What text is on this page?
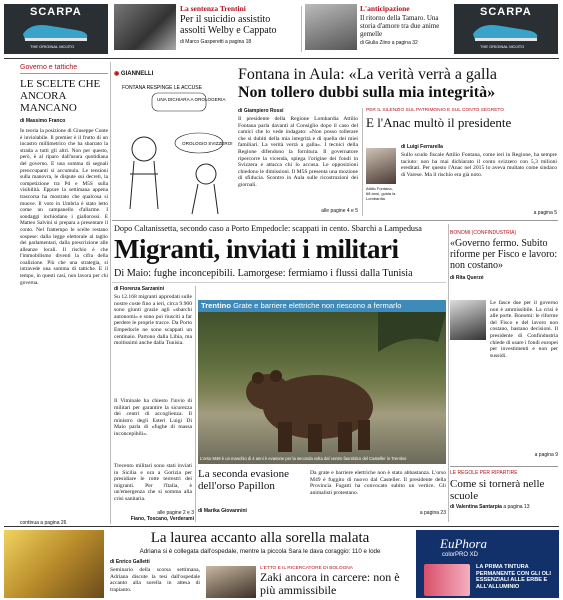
SCARPA
THE ORIGINAL MOJITO
La sentenza Trentini
Per il suicidio assistito assolti Welby e Cappato
di Marco Gasperetti a pagina 18
L'anticipazione
Il ritorno della Tamaro. Una storia d'amore tra due anime gemelle
di Giulia Ziino a pagina 32
SCARPA
THE ORIGINAL MOJITO
Governo e tattiche
LE SCELTE CHE ANCORA MANCANO
di Massimo Franco
In teoria la posizione di Giuseppe Conte è inviolabile. Il premier è il frutto di un incastro millimetrico che ha sbarrato la strada a tutti gli altri. Non per questo, però, è al riparo dall'usura quotidiana del governo. E una somma di segnali preoccupanti si accumula. Le tensioni sulla manovra, le dispute sui decreti, la competizione tra Pd e M5S sulla visibilità. Eppure la settimana appena trascorsa ha mostrato che qualcosa si muove. Il voto in Umbria è stato letto come un campanello d'allarme. I sondaggi inchiodano i giallorossi. E Matteo Salvini si prepara a presentare il conto. Nel frattempo le scelte restano sospese: dalla legge elettorale al taglio dei parlamentari, dalla prescrizione alle alleanze locali. Il rischio è che l'immobilismo diventi la cifra della coalizione. Più che una strategia, si intravede una somma di tattiche. E il tempo, in questi casi, non lavora per chi governa.
continua a pagina 26
◉ GIANNELLI
FONTANA RESPINGE LE ACCUSE
UNA DICHIARA A OROLOGERIA
OROLOGIO SVIZZERO!
Fontana in Aula: «La verità verrà a galla
Non tollero dubbi sulla mia integrità»
di Giampiero Rossi
Il presidente della Regione Lombardia Attilio Fontana parla davanti al Consiglio dopo il caso del camici che lo vede indagato: «Non posso tollerare che si dubiti della mia integrità e di quella dei miei familiari. La verità verrà a galla». I tecnici della Regione difendono la fornitura. Il governatore ripercorre la vicenda, spiega l'origine dei fondi in Svizzera e attacca chi lo accusa. Le opposizioni chiedono le dimissioni. Il M5S presenta una mozione di sfiducia. Scontro in Aula sulle ricostruzioni dei giornali.
alle pagine 4 e 5
PER IL SILENZIO SUL PATRIMONIO E SUL CONTO SEGRETO
E l'Anac multò il presidente
Attilio Fontana, 68 anni, guida la Lombardia
di Luigi Ferrarella
Sullo scudo fiscale Attilio Fontana, come ieri in Regione, ha sempre taciuto: non ha mai dichiarato il conto svizzero con 5,3 milioni ereditati. Per questo l'Anac nel 2015 lo aveva multato come sindaco di Varese. Ma il rischio era già noto.
a pagina 5
Dopo Caltanissetta, secondo caso a Porto Empedocle: scappati in cento. Sbarchi a Lampedusa
Migranti, inviati i militari
Di Maio: fughe inconcepibili. Lamorgese: fermiamo i flussi dalla Tunisia
di Fiorenza Sarzanini
Su 12.168 migranti approdati sulle nostre coste fino a ieri, circa 9.900 sono giunti grazie agli «sbarchi autonomi» e sono poi riusciti a far perdere le proprie tracce. Da Porto Empedocle ne sono scappati un centinaio. Partono dalla Libia, ma moltissimi anche dalla Tunisia.
Il Viminale ha chiesto l'invio di militari per garantire la sicurezza dei centri di accoglienza. Il ministro degli Esteri Luigi Di Maio parla di «fughe di massa inconcepibili».
Trecento militari sono stati inviati in Sicilia e ora a Gorizia per presidiare le rotte terrestri dei migranti. Per l'Italia, è un'emergenza che si somma alla crisi sanitaria.
alle pagine 2 e 3
Fiano, Toscano, Verderami
Trentino Grate e barriere elettriche non riescono a fermarlo
L'orso M49 è un maschio di 4 anni è evasone per la seconda volta dal centro faunistico del Casteller in Trentino
La seconda evasione dell'orso Papillon
di Marika Giovannini
Da grate e barriere elettriche non è stato abbastanza. L'orso M49 è fuggito di nuovo dal Casteller. Il presidente della Provincia Fugatti ha convocato subito un vertice. Gli animalisti protestano.
a pagina 23
BONOMI (CONFINDUSTRIA)
«Governo fermo. Subito riforme per Fisco e lavoro: non costano»
di Rita Querzè
Le fasce due per il governo non è ammissibile. La crisi è alle porte. Bonomi: le riforme del Fisco e del lavoro non costano, bastano decisioni. Il presidente di Confindustria chiede di usare i fondi europei per investimenti e non per sussidi.
a pagina 9
LE REGOLE PER RIPARTIRE
Come si tornerà nelle scuole
di Valentina Santarpia a pagina 13
La laurea accanto alla sorella malata
Adriana si è collegata dall'ospedale, mentre la piccola Sara le dava coraggio: 110 e lode
di Enrico Galletti
Seminario della scorsa settimana, Adriana discute la tesi dall'ospedale accanto alla sorella in attesa di trapianto.
L'ETTO E IL RICERCATORE DI BOLOGNA
Zaki ancora in carcere: non è più ammissibile
EuPhora
colorPRO XD
LA PRIMA TINTURA PERMANENTE CON GLI OLI ESSENZIALI ALLE ERBE E ALL'ALLUMINIO
